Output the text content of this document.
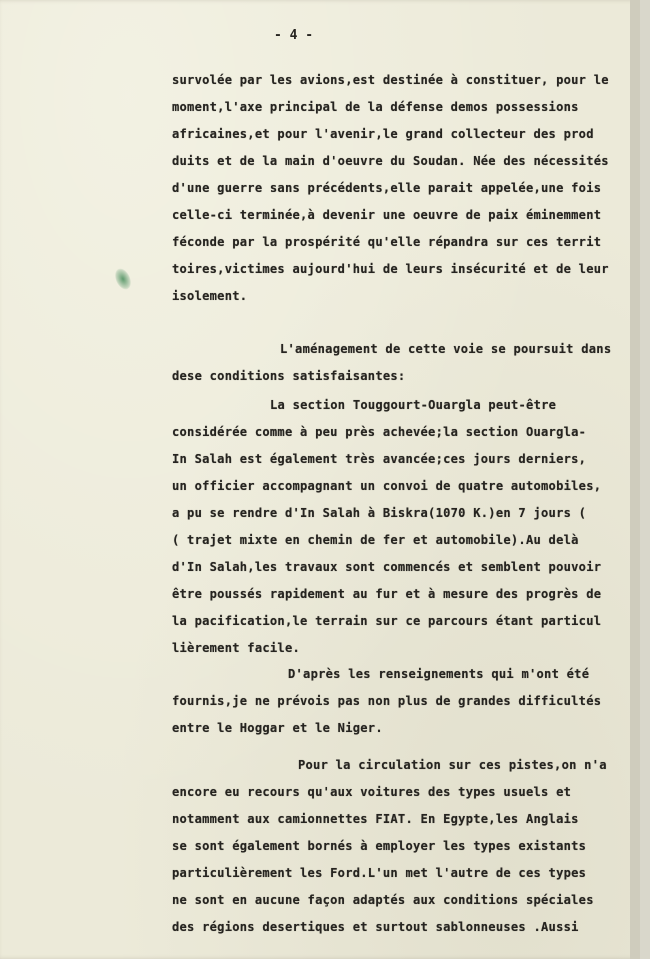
- 4 -
survolée par les avions,est destinée à constituer, pour le
moment,l'axe principal de la défense demos possessions
africaines,et pour l'avenir,le grand collecteur des prod
duits et de la main d'oeuvre du Soudan. Née des nécessités
d'une guerre sans précédents,elle parait appelée,une fois
celle-ci terminée,à devenir une oeuvre de paix éminemment
féconde par la prospérité qu'elle répandra sur ces territ
toires,victimes aujourd'hui de leurs insécurité et de leur
isolement.
L'aménagement de cette voie se poursuit dans
dese conditions satisfaisantes:
La section Touggourt-Ouargla peut-être
considérée comme à peu près achevée;la section Ouargla-
In Salah est également très avancée;ces jours derniers,
un officier accompagnant un convoi de quatre automobiles,
a pu se rendre d'In Salah à Biskra(1070 K.)en 7 jours (
( trajet mixte en chemin de fer et automobile).Au delà
d'In Salah,les travaux sont commencés et semblent pouvoir
être poussés rapidement au fur et à mesure des progrès de
la pacification,le terrain sur ce parcours étant particul
lièrement facile.
D'après les renseignements qui m'ont été
fournis,je ne prévois pas non plus de grandes difficultés
entre le Hoggar et le Niger.
Pour la circulation sur ces pistes,on n'a
encore eu recours qu'aux voitures des types usuels et
notamment aux camionnettes FIAT. En Egypte,les Anglais
se sont également bornés à employer les types existants
particulièrement les Ford.L'un met l'autre de ces types
ne sont en aucune façon adaptés aux conditions spéciales
des régions desertiques et surtout sablonneuses .Aussi
